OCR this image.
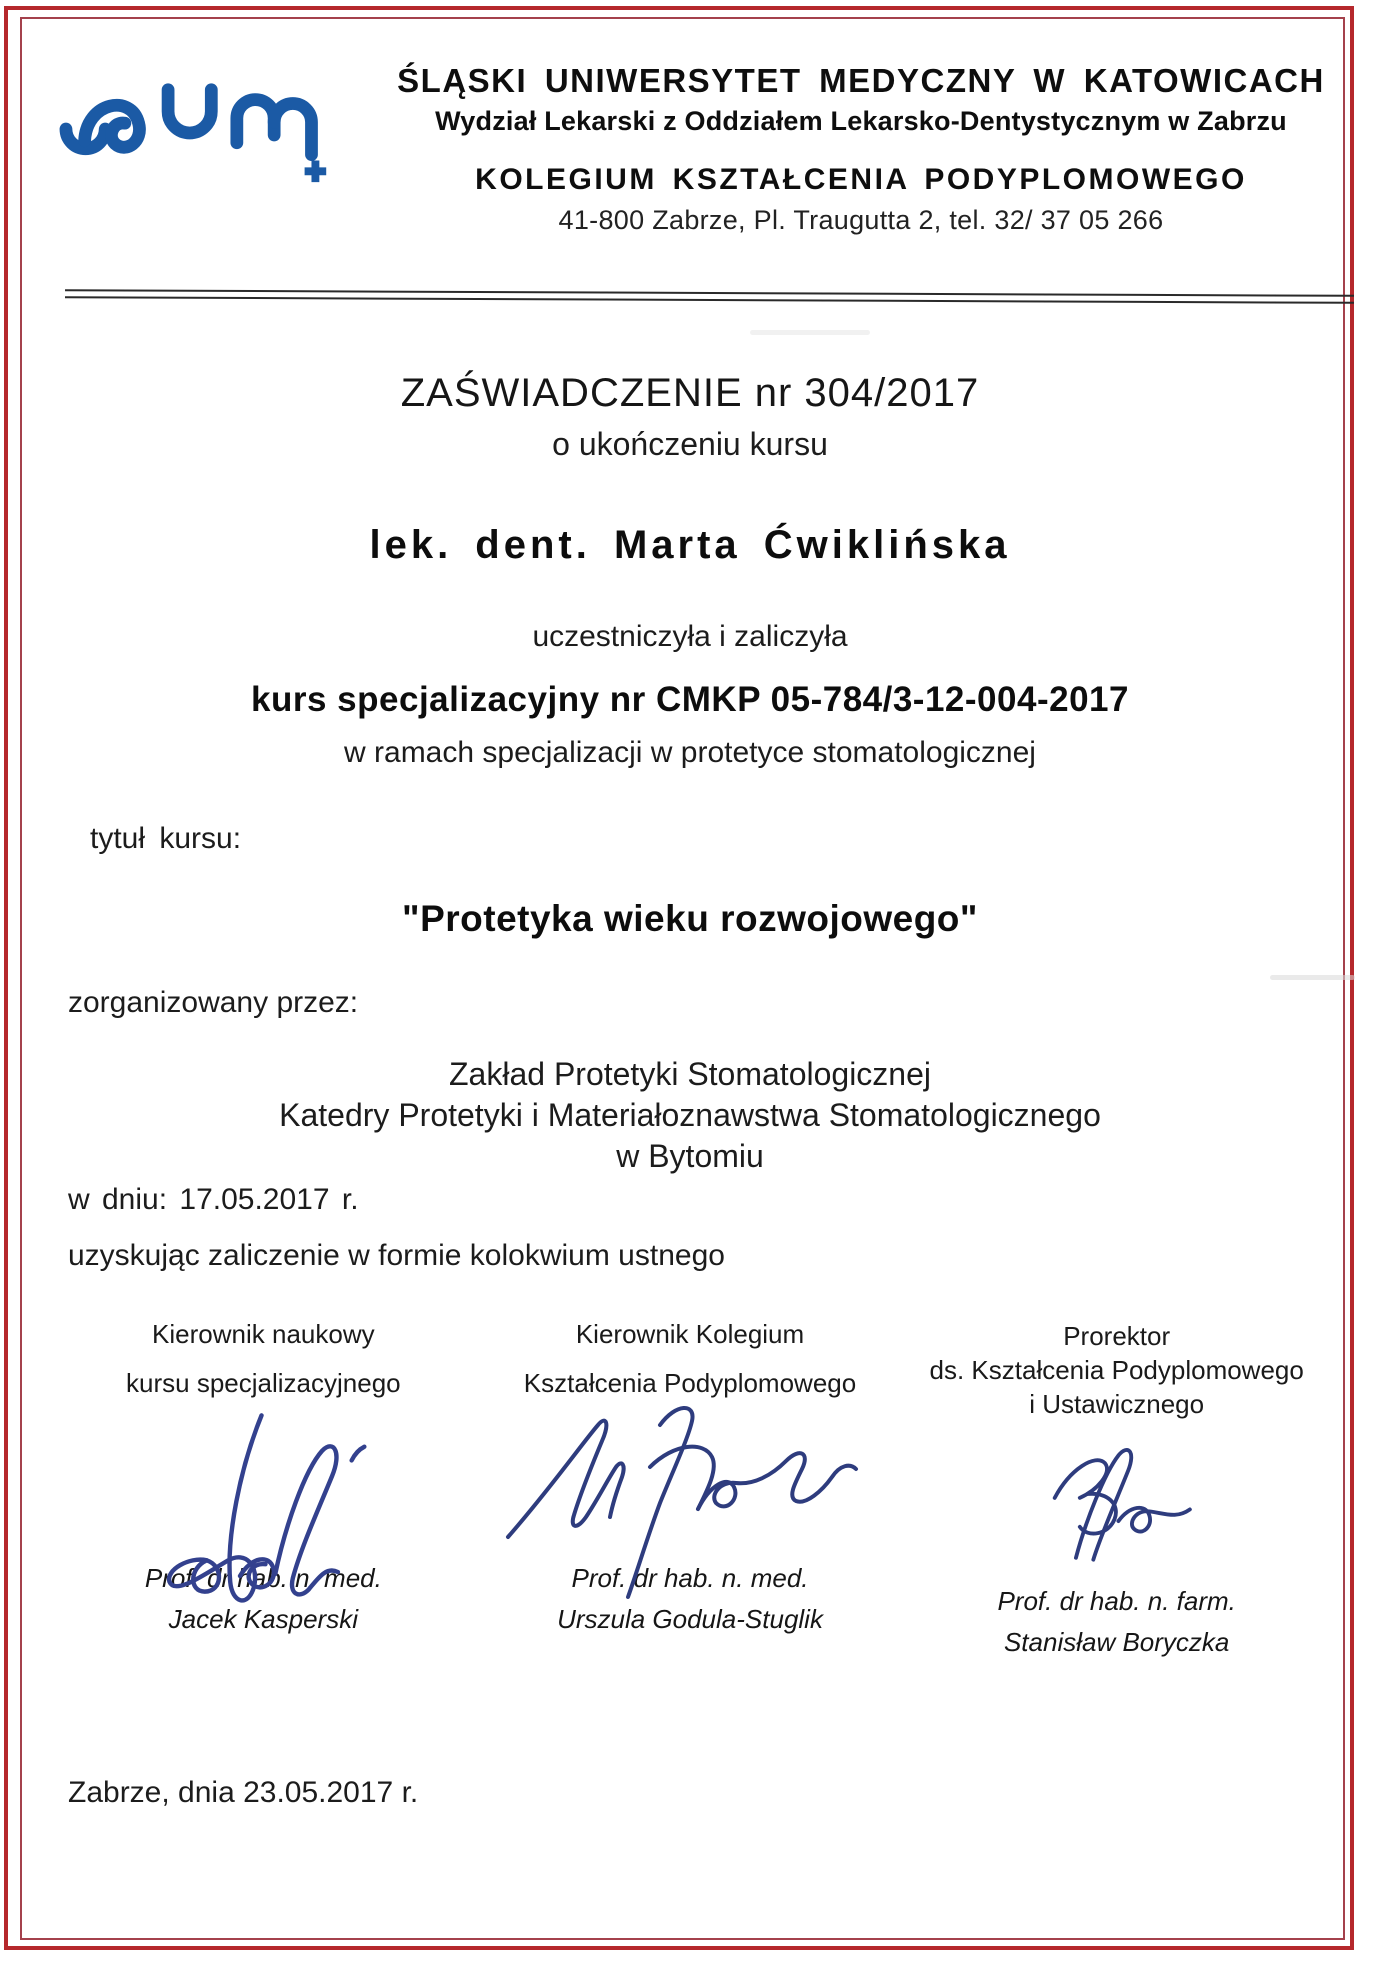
ŚLĄSKI UNIWERSYTET MEDYCZNY W KATOWICACH
Wydział Lekarski z Oddziałem Lekarsko-Dentystycznym w Zabrzu
KOLEGIUM KSZTAŁCENIA PODYPLOMOWEGO
41-800 Zabrze, Pl. Traugutta 2, tel. 32/ 37 05 266
ZAŚWIADCZENIE nr 304/2017
o ukończeniu kursu
lek. dent. Marta Ćwiklińska
uczestniczyła i zaliczyła
kurs specjalizacyjny nr CMKP 05-784/3-12-004-2017
w ramach specjalizacji w protetyce stomatologicznej
tytuł kursu:
"Protetyka wieku rozwojowego"
zorganizowany przez:
Zakład Protetyki Stomatologicznej
Katedry Protetyki i Materiałoznawstwa Stomatologicznego
w Bytomiu
w dniu: 17.05.2017 r.
uzyskując zaliczenie w formie kolokwium ustnego
Kierownik naukowy
kursu specjalizacyjnego
Prof. dr hab. n. med.
Jacek Kasperski
Kierownik Kolegium
Kształcenia Podyplomowego
Prof. dr hab. n. med.
Urszula Godula-Stuglik
Prorektor
ds. Kształcenia Podyplomowego
i Ustawicznego
Prof. dr hab. n. farm.
Stanisław Boryczka
Zabrze, dnia 23.05.2017 r.
